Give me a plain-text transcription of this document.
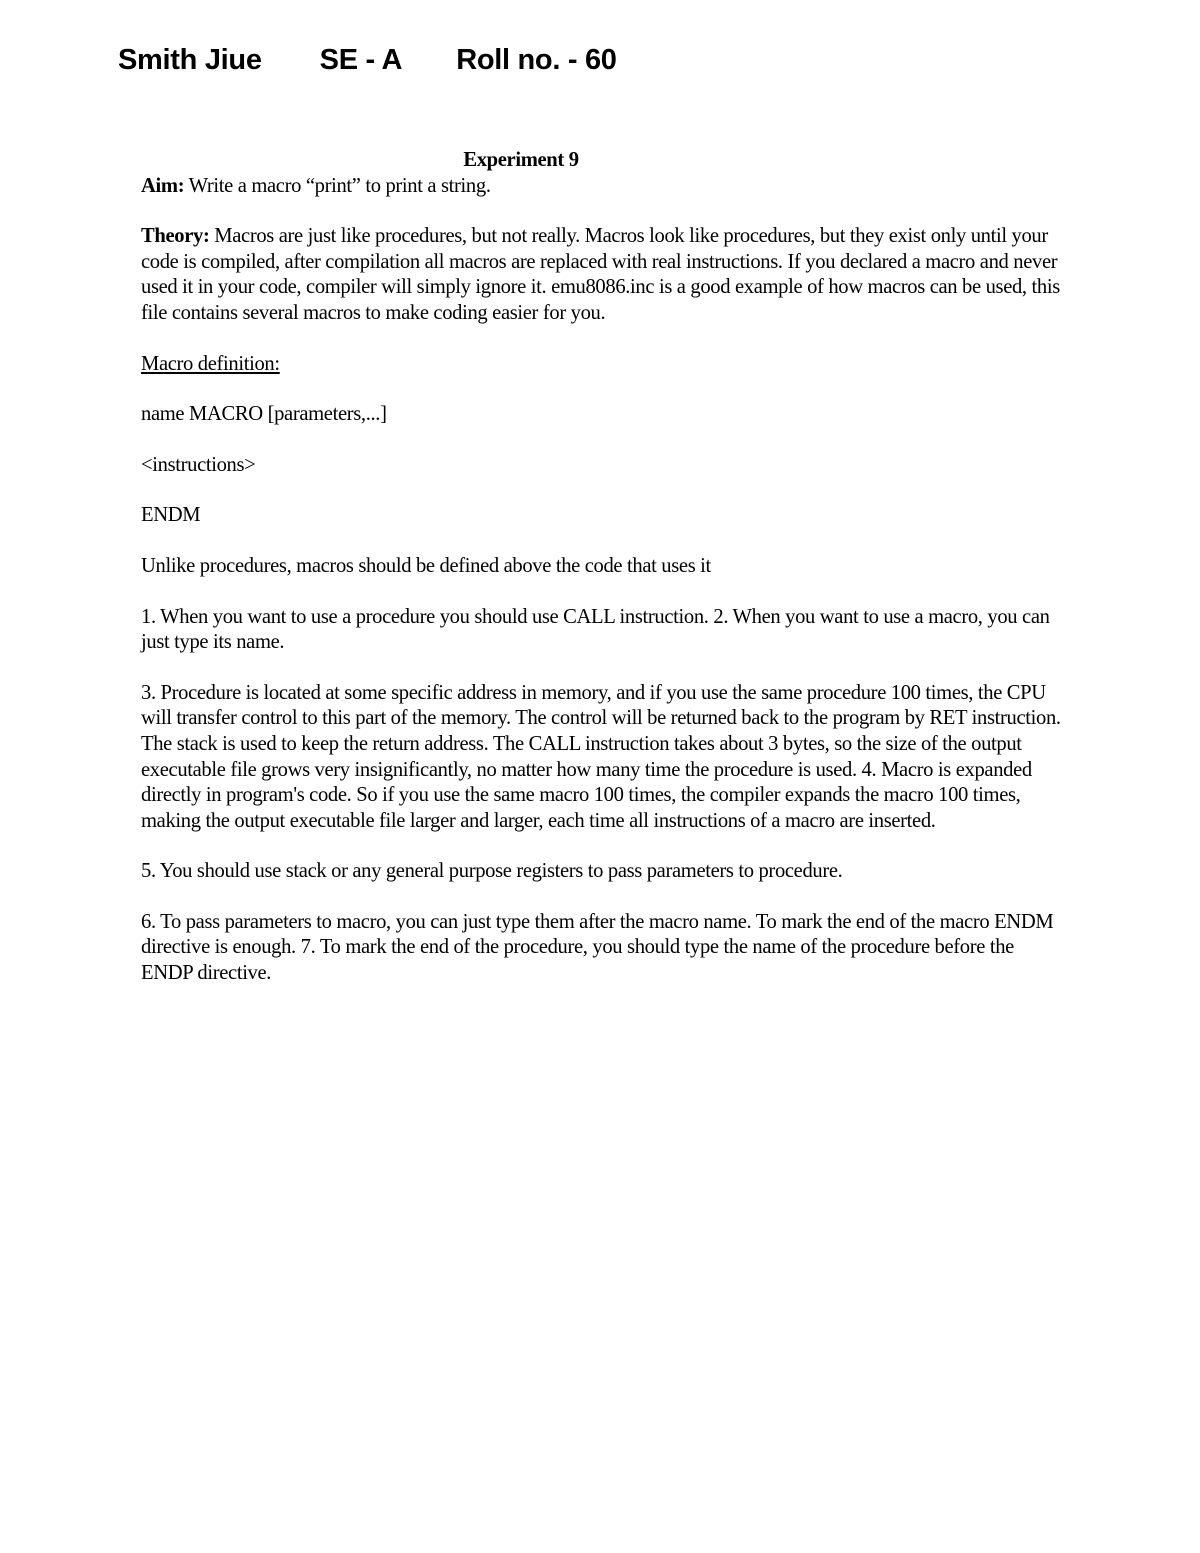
Smith Jiue SE - A Roll no. - 60

Experiment 9

Aim: Write a macro “print” to print a string.

Theory: Macros are just like procedures, but not really. Macros look like procedures, but they exist only until your code is compiled, after compilation all macros are replaced with real instructions. If you declared a macro and never used it in your code, compiler will simply ignore it. emu8086.inc is a good example of how macros can be used, this file contains several macros to make coding easier for you.

Macro definition:

name MACRO [parameters,...]

<instructions>

ENDM

Unlike procedures, macros should be defined above the code that uses it

1. When you want to use a procedure you should use CALL instruction. 2. When you want to use a macro, you can just type its name.

3. Procedure is located at some specific address in memory, and if you use the same procedure 100 times, the CPU will transfer control to this part of the memory. The control will be returned back to the program by RET instruction. The stack is used to keep the return address. The CALL instruction takes about 3 bytes, so the size of the output executable file grows very insignificantly, no matter how many time the procedure is used. 4. Macro is expanded directly in program's code. So if you use the same macro 100 times, the compiler expands the macro 100 times, making the output executable file larger and larger, each time all instructions of a macro are inserted.

5. You should use stack or any general purpose registers to pass parameters to procedure.

6. To pass parameters to macro, you can just type them after the macro name. To mark the end of the macro ENDM directive is enough. 7. To mark the end of the procedure, you should type the name of the procedure before the ENDP directive.
